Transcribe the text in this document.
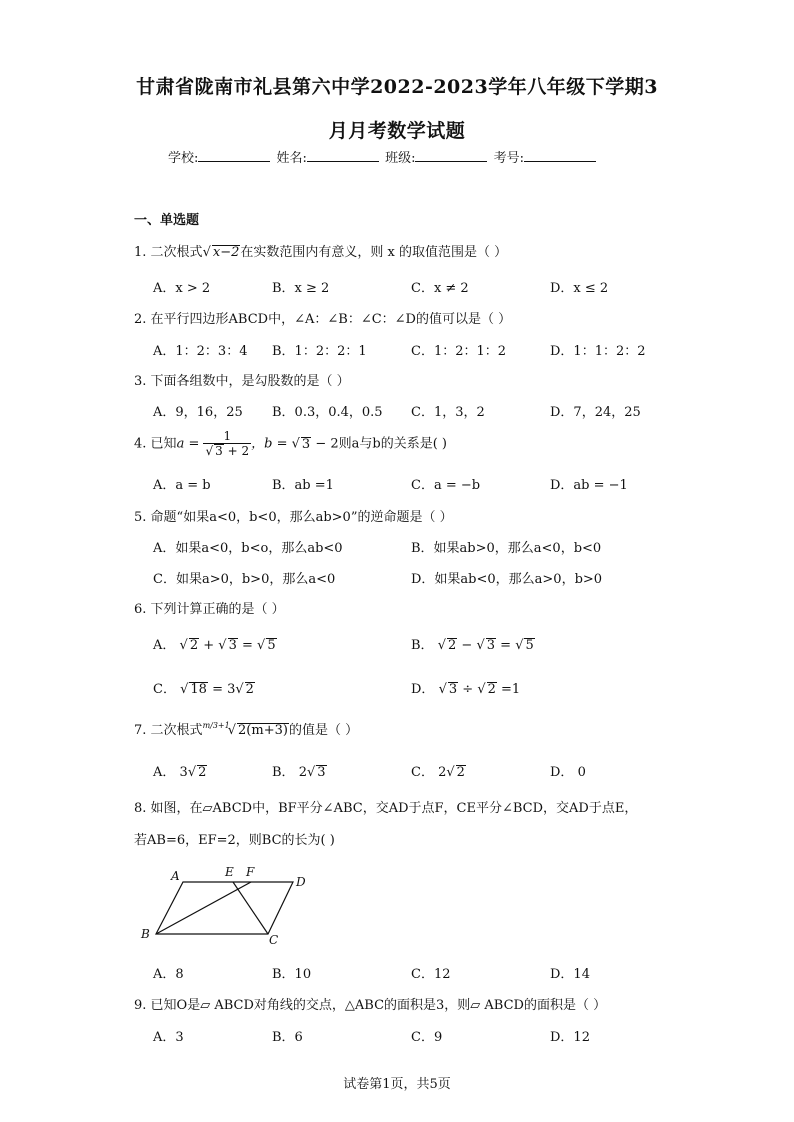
甘肃省陇南市礼县第六中学2022-2023学年八年级下学期3
月月考数学试题
学校:	姓名:	班级:	考号:
一、单选题
1. 二次根式√ x−2在实数范围内有意义，则 x 的取值范围是（ ）
A．x > 2	B．x ≥ 2	C．x ≠ 2	D．x ≤ 2
2. 在平行四边形ABCD中，∠A：∠B：∠C：∠D的值可以是（ ）
A．1：2：3：4 B．1：2：2：1	C．1：2：1：2	D．1：1：2：2
3. 下面各组数中，是勾股数的是（ ）
A．9，16，25 B．0.3，0.4，0.5 C．1，3，2	D．7，24，25
4. 已知$a = \frac{1}{√ 3 + 2}$ ，b = √ 3 − 2则a与b的关系是( )
A．a = b	B．ab =1	C．a = −b	D．ab = −1
5. 命题“如果a<0，b<0，那么ab>0”的逆命题是（ ）
A．如果a<0，b<o，那么ab<0	B．如果ab>0，那么a<0，b<0
C．如果a>0，b>0，那么a<0	D．如果ab<0，那么a>0，b>0
6. 下列计算正确的是（ ）
A． √ 2 + √ 3 = √ 5	B． √ 2 − √ 3 = √ 5
C． √ 18 = 3√ 2	D． √ 3 ÷ √ 2 =1
7. 二次根式$^{m/3+1}$√ 2(m+3)的值是（ ）
A． 3√ 2	B． 2√ 3	C． 2√ 2	D． 0
8. 如图，在▱ABCD中，BF平分∠ABC，交AD于点F，CE平分∠BCD，交AD于点E，
若AB=6，EF=2，则BC的长为( )
A	E F
D
B	C
A．8	B．10	C．12	D．14
9. 已知O是▱ ABCD对角线的交点，△ABC的面积是3，则▱ ABCD的面积是（ ）
A．3	B．6	C．9	D．12
试卷第1页，共5页
